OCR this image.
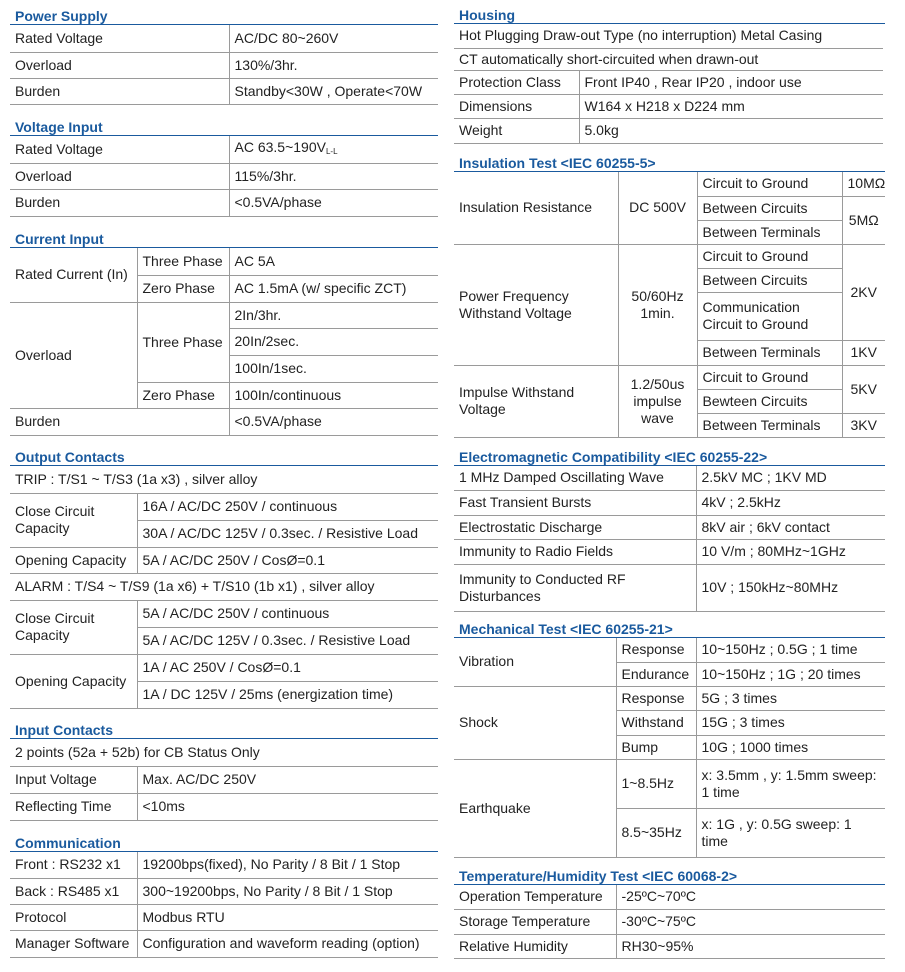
Power Supply
Rated Voltage	AC/DC 80~260V
Overload	130%/3hr.
Burden	Standby<30W , Operate<70W
Voltage Input
Rated Voltage	AC $63.5\sim 190V_{L-L}$
Overload	115%/3hr.
Burden	<0.5VA/phase
Current Input
Rated Current (In)	Three Phase	AC 5A
	Zero Phase	AC 1.5mA (w/ specific ZCT)
Overload	Three Phase	2In/3hr.
		20In/2sec.
		100In/1sec.
	Zero Phase	100In/continuous
Burden		<0.5VA/phase
Output Contacts
TRIP : T/S1 ~ T/S3 (1a x3) , silver alloy	
Close Circuit Capacity	16A / AC/DC 250V / continuous
	30A / AC/DC 125V / 0.3sec. / Resistive Load
Opening Capacity	5A / AC/DC 250V / CosØ=0.1
ALARM : T/S4 ~ T/S9 (1a x6) + T/S10 (1b x1) , silver alloy	
Close Circuit Capacity	5A / AC/DC 250V / continuous
	5A / AC/DC 125V / 0.3sec. / Resistive Load
Opening Capacity	1A / AC 250V / CosØ=0.1
	1A / DC 125V / 25ms (energization time)
Input Contacts
2 points (52a + 52b) for CB Status Only	
Input Voltage	Max. AC/DC 250V
Reflecting Time	<10ms
Communication
Front : RS232 x1	19200bps(fixed), No Parity / 8 Bit / 1 Stop
Back : RS485 x1	300~19200bps, No Parity / 8 Bit / 1 Stop
Protocol	Modbus RTU
Manager Software	Configuration and waveform reading (option)
Housing
Hot Plugging Draw-out Type (no interruption) Metal Casing	
CT automatically short-circuited when drawn-out	
Protection Class	Front IP40 , Rear IP20 , indoor use
Dimensions	W164 x H218 x D224 mm
Weight	5.0kg
Insulation Test <IEC 60255-5>
Insulation Resistance	DC 500V	Circuit to Ground	10MΩ
		Between Circuits	5MΩ
		Between Terminals	
Power Frequency Withstand Voltage	50/60Hz 1min.	Circuit to Ground	2KV
		Between Circuits	
		Communication Circuit to Ground	
		Between Terminals	1KV
Impulse Withstand Voltage	1.2/50us impulse wave	Circuit to Ground	5KV
		Bewteen Circuits	
		Between Terminals	3KV
Electromagnetic Compatibility <IEC 60255-22>
1 MHz Damped Oscillating Wave	2.5kV MC ; 1KV MD
Fast Transient Bursts	4kV ; 2.5kHz
Electrostatic Discharge	8kV air ; 6kV contact
Immunity to Radio Fields	10 V/m ; 80MHz~1GHz
Immunity to Conducted RF Disturbances	10V ; 150kHz~80MHz
Mechanical Test <IEC 60255-21>
Vibration	Response	10~150Hz ; 0.5G ; 1 time
	Endurance	10~150Hz ; 1G ; 20 times
Shock	Response	5G ; 3 times
	Withstand	15G ; 3 times
	Bump	10G ; 1000 times
Earthquake	1~8.5Hz	x: 3.5mm , y: 1.5mm sweep: 1 time
	8.5~35Hz	x: 1G , y: 0.5G sweep: 1 time
Temperature/Humidity Test <IEC 60068-2>
Operation Temperature	-25ºC~70ºC
Storage Temperature	-30ºC~75ºC
Relative Humidity	RH30~95%
